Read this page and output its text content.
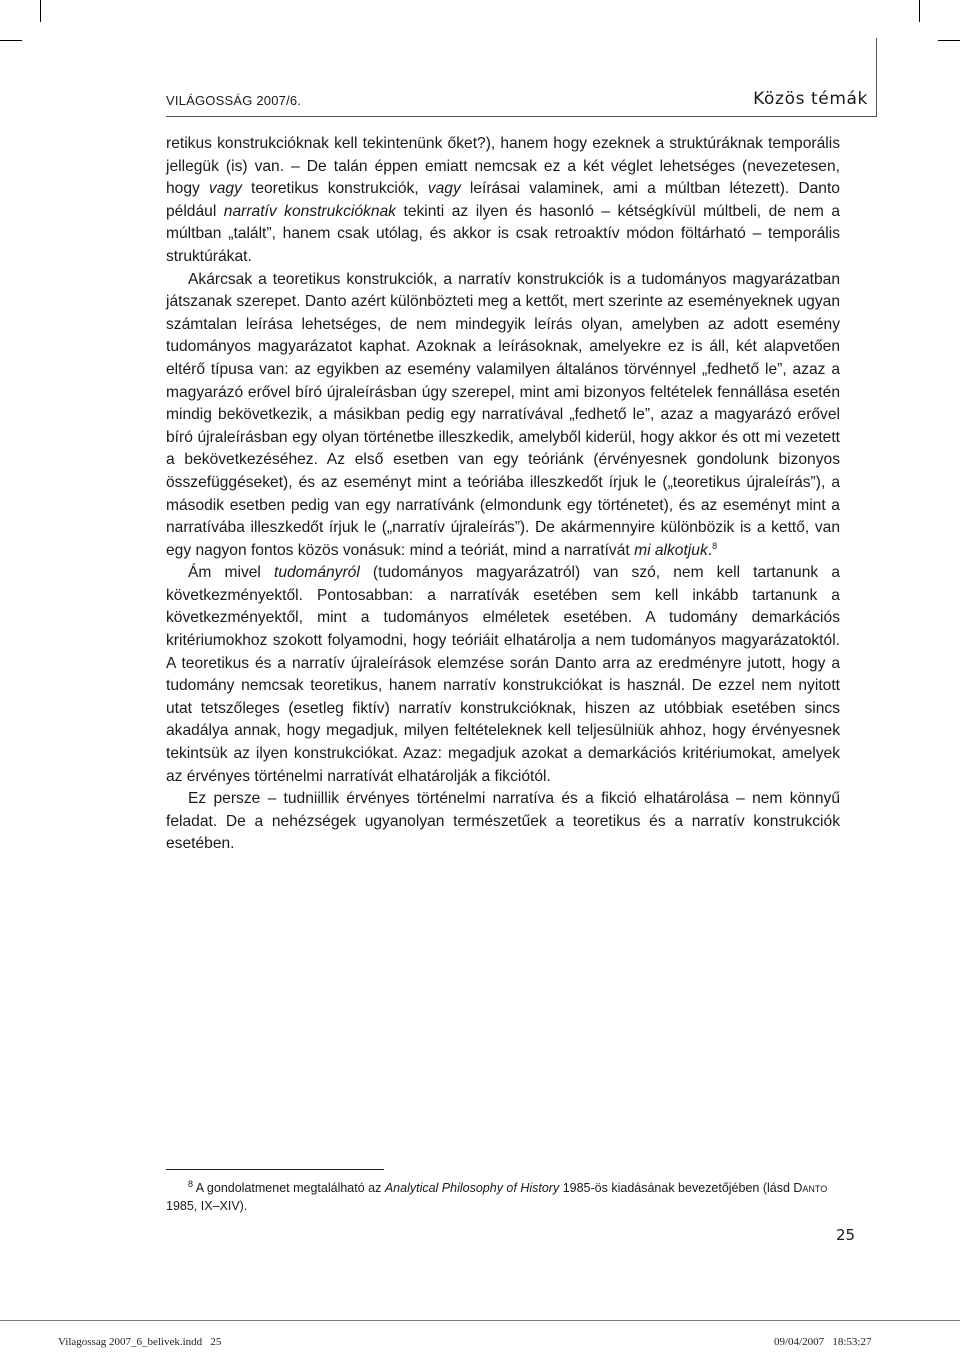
VILÁGOSSÁG 2007/6.	Közös témák

retikus konstrukcióknak kell tekintenünk őket?), hanem hogy ezeknek a struktúráknak temporális jellegük (is) van. – De talán éppen emiatt nemcsak ez a két véglet lehetséges (nevezetesen, hogy vagy teoretikus konstrukciók, vagy leírásai valaminek, ami a múltban létezett). Danto például narratív konstrukcióknak tekinti az ilyen és hasonló – kétségkívül múltbeli, de nem a múltban „talált”, hanem csak utólag, és akkor is csak retroaktív módon föltárható – temporális struktúrákat.

Akárcsak a teoretikus konstrukciók, a narratív konstrukciók is a tudományos magyarázatban játszanak szerepet. Danto azért különbözteti meg a kettőt, mert szerinte az eseményeknek ugyan számtalan leírása lehetséges, de nem mindegyik leírás olyan, amelyben az adott esemény tudományos magyarázatot kaphat. Azoknak a leírásoknak, amelyekre ez is áll, két alapvetően eltérő típusa van: az egyikben az esemény valamilyen általános törvénnyel „fedhető le”, azaz a magyarázó erővel bíró újraleírásban úgy szerepel, mint ami bizonyos feltételek fennállása esetén mindig bekövetkezik, a másikban pedig egy narratívával „fedhető le”, azaz a magyarázó erővel bíró újraleírásban egy olyan történetbe illeszkedik, amelyből kiderül, hogy akkor és ott mi vezetett a bekövetkezéséhez. Az első esetben van egy teóriánk (érvényesnek gondolunk bizonyos összefüggéseket), és az eseményt mint a teóriába illeszkedőt írjuk le („teoretikus újraleírás”), a második esetben pedig van egy narratívánk (elmondunk egy történetet), és az eseményt mint a narratívába illeszkedőt írjuk le („narratív újraleírás”). De akármennyire különbözik is a kettő, van egy nagyon fontos közös vonásuk: mind a teóriát, mind a narratívát mi alkotjuk.$^8$

Ám mivel tudományról (tudományos magyarázatról) van szó, nem kell tartanunk a következményektől. Pontosabban: a narratívák esetében sem kell inkább tartanunk a következményektől, mint a tudományos elméletek esetében. A tudomány demarkációs kritériumokhoz szokott folyamodni, hogy teóriáit elhatárolja a nem tudományos magyarázatoktól. A teoretikus és a narratív újraleírások elemzése során Danto arra az eredményre jutott, hogy a tudomány nemcsak teoretikus, hanem narratív konstrukciókat is használ. De ezzel nem nyitott utat tetszőleges (esetleg fiktív) narratív konstrukcióknak, hiszen az utóbbiak esetében sincs akadálya annak, hogy megadjuk, milyen feltételeknek kell teljesülniük ahhoz, hogy érvényesnek tekintsük az ilyen konstrukciókat. Azaz: megadjuk azokat a demarkációs kritériumokat, amelyek az érvényes történelmi narratívát elhatárolják a fikciótól.

Ez persze – tudniillik érvényes történelmi narratíva és a fikció elhatárolása – nem könnyű feladat. De a nehézségek ugyanolyan természetűek a teoretikus és a narratív konstrukciók esetében.

$^8$ A gondolatmenet megtalálható az Analytical Philosophy of History 1985-ös kiadásának bevezetőjében (lásd Danto 1985, IX–XIV).
25
Vilagossag 2007_6_belivek.indd   25	09/04/2007   18:53:27
